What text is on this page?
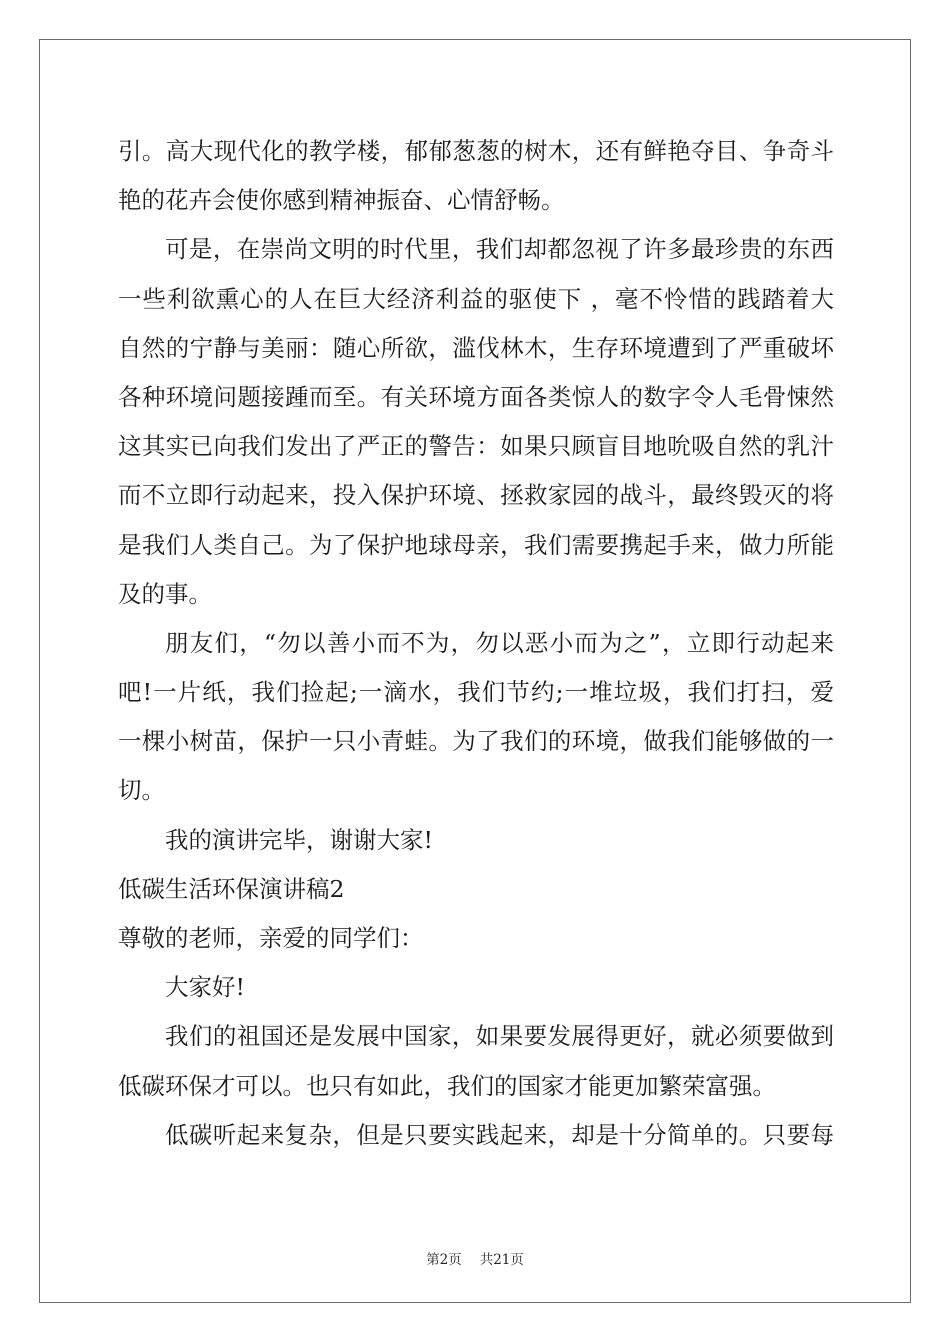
引。高大现代化的教学楼，郁郁葱葱的树木，还有鲜艳夺目、争奇斗
艳的花卉会使你感到精神振奋、心情舒畅。
可是，在崇尚文明的时代里，我们却都忽视了许多最珍贵的东西
一些利欲熏心的人在巨大经济利益的驱使下 ，毫不怜惜的践踏着大
自然的宁静与美丽：随心所欲，滥伐林木，生存环境遭到了严重破坏
各种环境问题接踵而至。有关环境方面各类惊人的数字令人毛骨悚然
这其实已向我们发出了严正的警告：如果只顾盲目地吮吸自然的乳汁
而不立即行动起来，投入保护环境、拯救家园的战斗，最终毁灭的将
是我们人类自己。为了保护地球母亲，我们需要携起手来，做力所能
及的事。
朋友们，“勿以善小而不为，勿以恶小而为之”，立即行动起来
吧!一片纸，我们捡起;一滴水，我们节约;一堆垃圾，我们打扫，爱
一棵小树苗，保护一只小青蛙。为了我们的环境，做我们能够做的一
切。
我的演讲完毕，谢谢大家!
低碳生活环保演讲稿2
尊敬的老师，亲爱的同学们：
大家好!
我们的祖国还是发展中国家，如果要发展得更好，就必须要做到
低碳环保才可以。也只有如此，我们的国家才能更加繁荣富强。
低碳听起来复杂，但是只要实践起来，却是十分简单的。只要每
第2页 共21页
